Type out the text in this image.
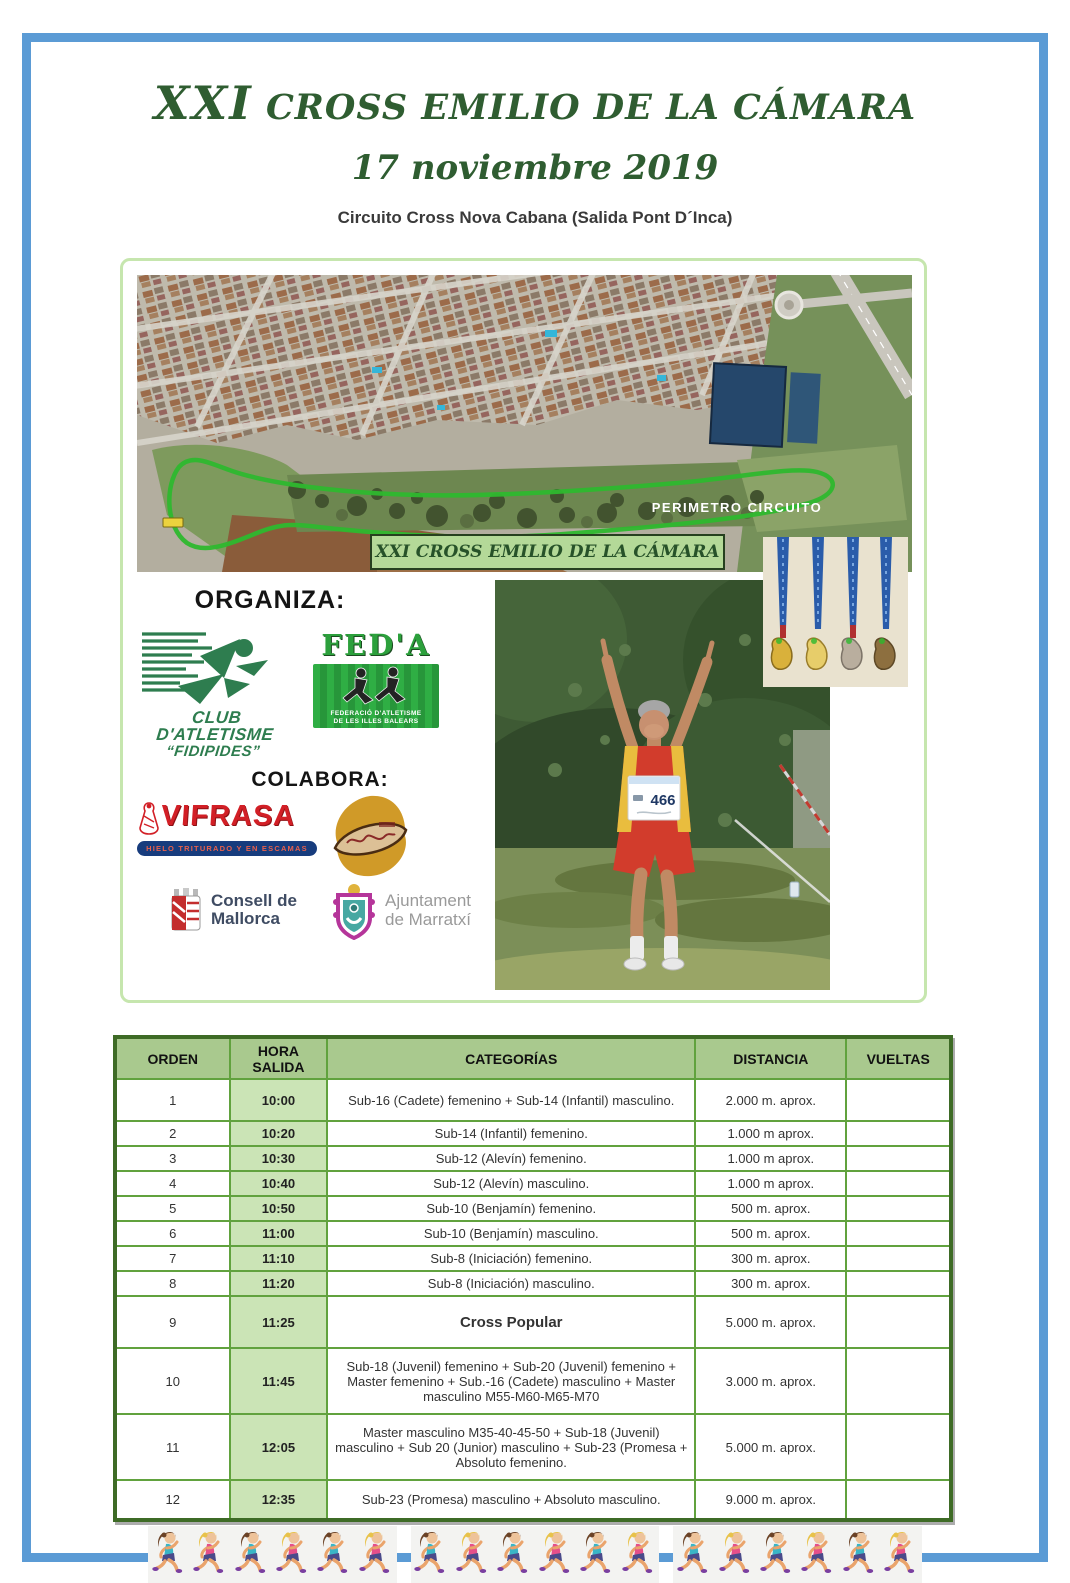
XXI CROSS EMILIO DE LA CÁMARA
17 noviembre 2019
Circuito Cross Nova Cabana (Salida Pont D´Inca)
PERIMETRO CIRCUITO
XXI CROSS EMILIO DE LA CÁMARA
ORGANIZA:
CLUB
D'ATLETISME
“FIDIPIDES”
FED'A
FEDERACIÓ D'ATLETISME
DE LES ILLES BALEARS
COLABORA:
VIFRASA
HIELO TRITURADO Y EN ESCAMAS
Consell de
Mallorca
Ajuntament
de Marratxí
466
ORDEN	HORA SALIDA	CATEGORÍAS	DISTANCIA	VUELTAS
1	10:00	Sub-16 (Cadete) femenino + Sub-14 (Infantil) masculino.	2.000 m. aprox.	
2	10:20	Sub-14 (Infantil) femenino.	1.000 m aprox.	
3	10:30	Sub-12 (Alevín) femenino.	1.000 m aprox.	
4	10:40	Sub-12 (Alevín) masculino.	1.000 m aprox.	
5	10:50	Sub-10 (Benjamín) femenino.	500 m. aprox.	
6	11:00	Sub-10 (Benjamín) masculino.	500 m. aprox.	
7	11:10	Sub-8 (Iniciación) femenino.	300 m. aprox.	
8	11:20	Sub-8 (Iniciación) masculino.	300 m. aprox.	
9	11:25	Cross Popular	5.000 m. aprox.	
10	11:45	Sub-18 (Juvenil) femenino + Sub-20 (Juvenil) femenino + Master femenino + Sub.-16 (Cadete) masculino + Master masculino M55-M60-M65-M70	3.000 m. aprox.	
11	12:05	Master masculino M35-40-45-50 + Sub-18 (Juvenil) masculino + Sub 20 (Junior) masculino + Sub-23 (Promesa + Absoluto femenino.	5.000 m. aprox.	
12	12:35	Sub-23 (Promesa) masculino + Absoluto masculino.	9.000 m. aprox.	
